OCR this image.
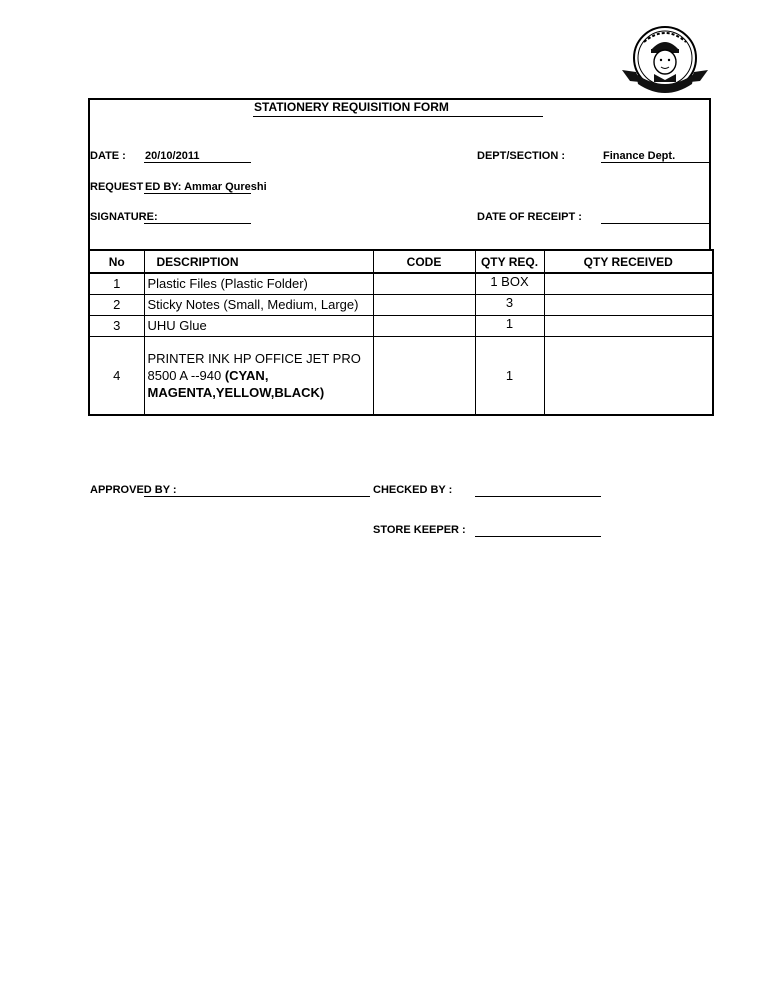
STATIONERY REQUISITION FORM
DATE : 20/10/2011	DEPT/SECTION :	Finance Dept.
REQUEST ED BY: Ammar Qureshi
SIGNATURE:	DATE OF RECEIPT :
No	DESCRIPTION	CODE	QTY REQ.	QTY RECEIVED
1	Plastic Files (Plastic Folder)		1 BOX	
2	Sticky Notes (Small, Medium, Large)		3	
3	UHU Glue		1	
4	PRINTER INK HP OFFICE JET PRO
8500 A --940 (CYAN,
MAGENTA,YELLOW,BLACK)		1	
APPROVED BY :	CHECKED BY :
STORE KEEPER :
